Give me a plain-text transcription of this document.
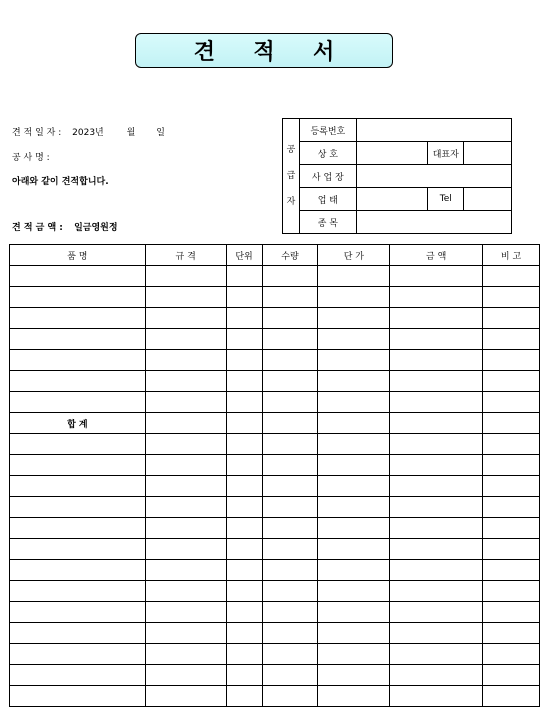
견 적 서
견 적 일 자 : 2023년	월 일
공 사 명 :
아래와 같이 견적합니다.
견 적 금 액 : 일금영원정
공
급
자	등록번호			
	상 호		대표자	
	사 업 장			
	업 태		Tel	
	종 목			
품 명	규 격	단위	수량	단 가	금 액	비 고

합 계						
